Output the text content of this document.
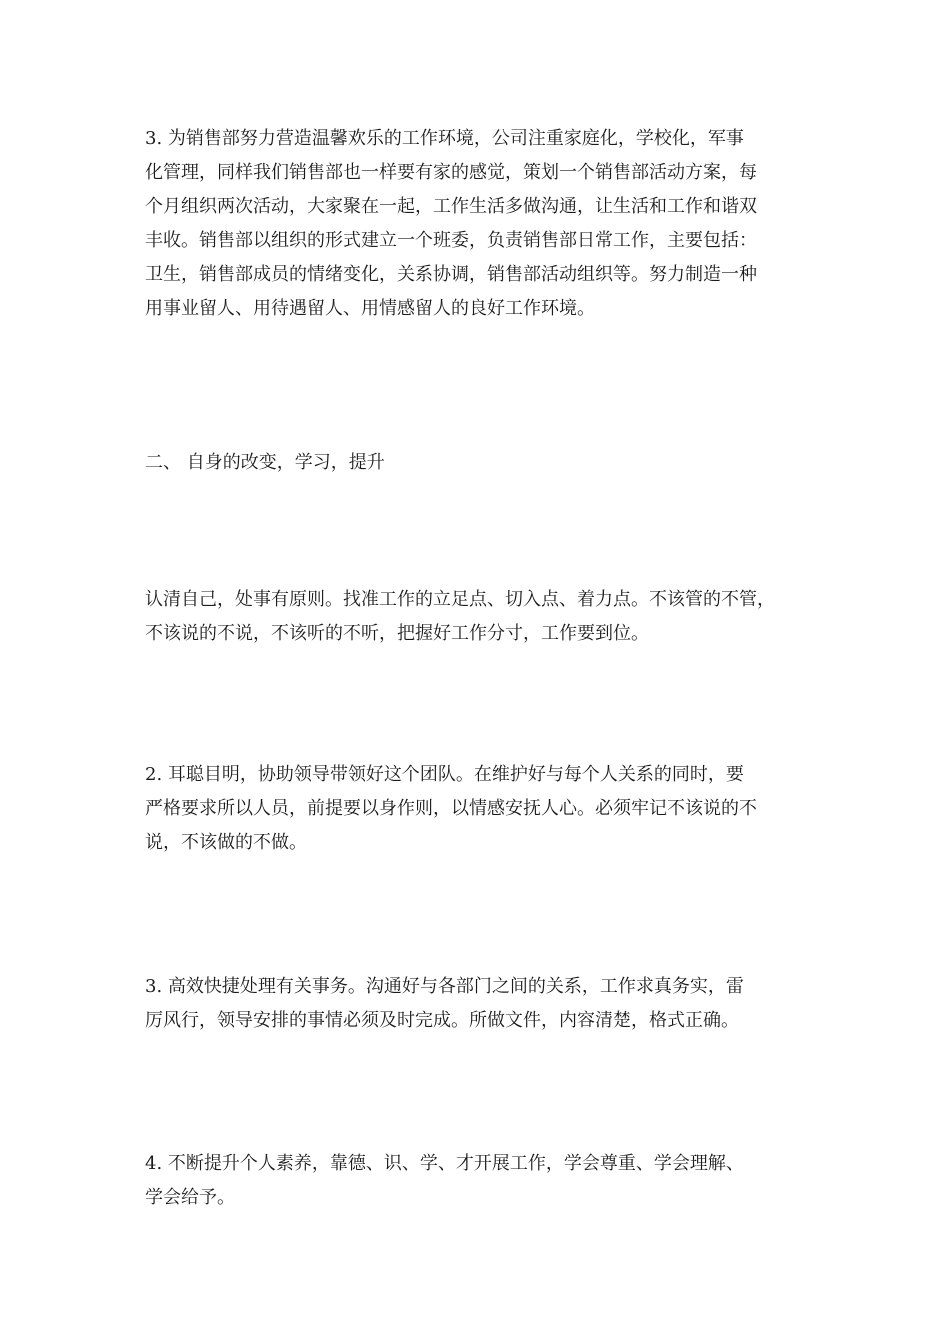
3. 为销售部努力营造温馨欢乐的工作环境，公司注重家庭化，学校化，军事
化管理，同样我们销售部也一样要有家的感觉，策划一个销售部活动方案，每
个月组织两次活动，大家聚在一起，工作生活多做沟通，让生活和工作和谐双
丰收。销售部以组织的形式建立一个班委，负责销售部日常工作，主要包括：
卫生，销售部成员的情绪变化，关系协调，销售部活动组织等。努力制造一种
用事业留人、用待遇留人、用情感留人的良好工作环境。
二、 自身的改变，学习，提升
认清自己，处事有原则。找准工作的立足点、切入点、着力点。不该管的不管，
不该说的不说，不该听的不听，把握好工作分寸，工作要到位。
2. 耳聪目明，协助领导带领好这个团队。在维护好与每个人关系的同时，要
严格要求所以人员，前提要以身作则，以情感安抚人心。必须牢记不该说的不
说，不该做的不做。
3. 高效快捷处理有关事务。沟通好与各部门之间的关系，工作求真务实，雷
厉风行，领导安排的事情必须及时完成。所做文件，内容清楚，格式正确。
4. 不断提升个人素养，靠德、识、学、才开展工作，学会尊重、学会理解、
学会给予。
